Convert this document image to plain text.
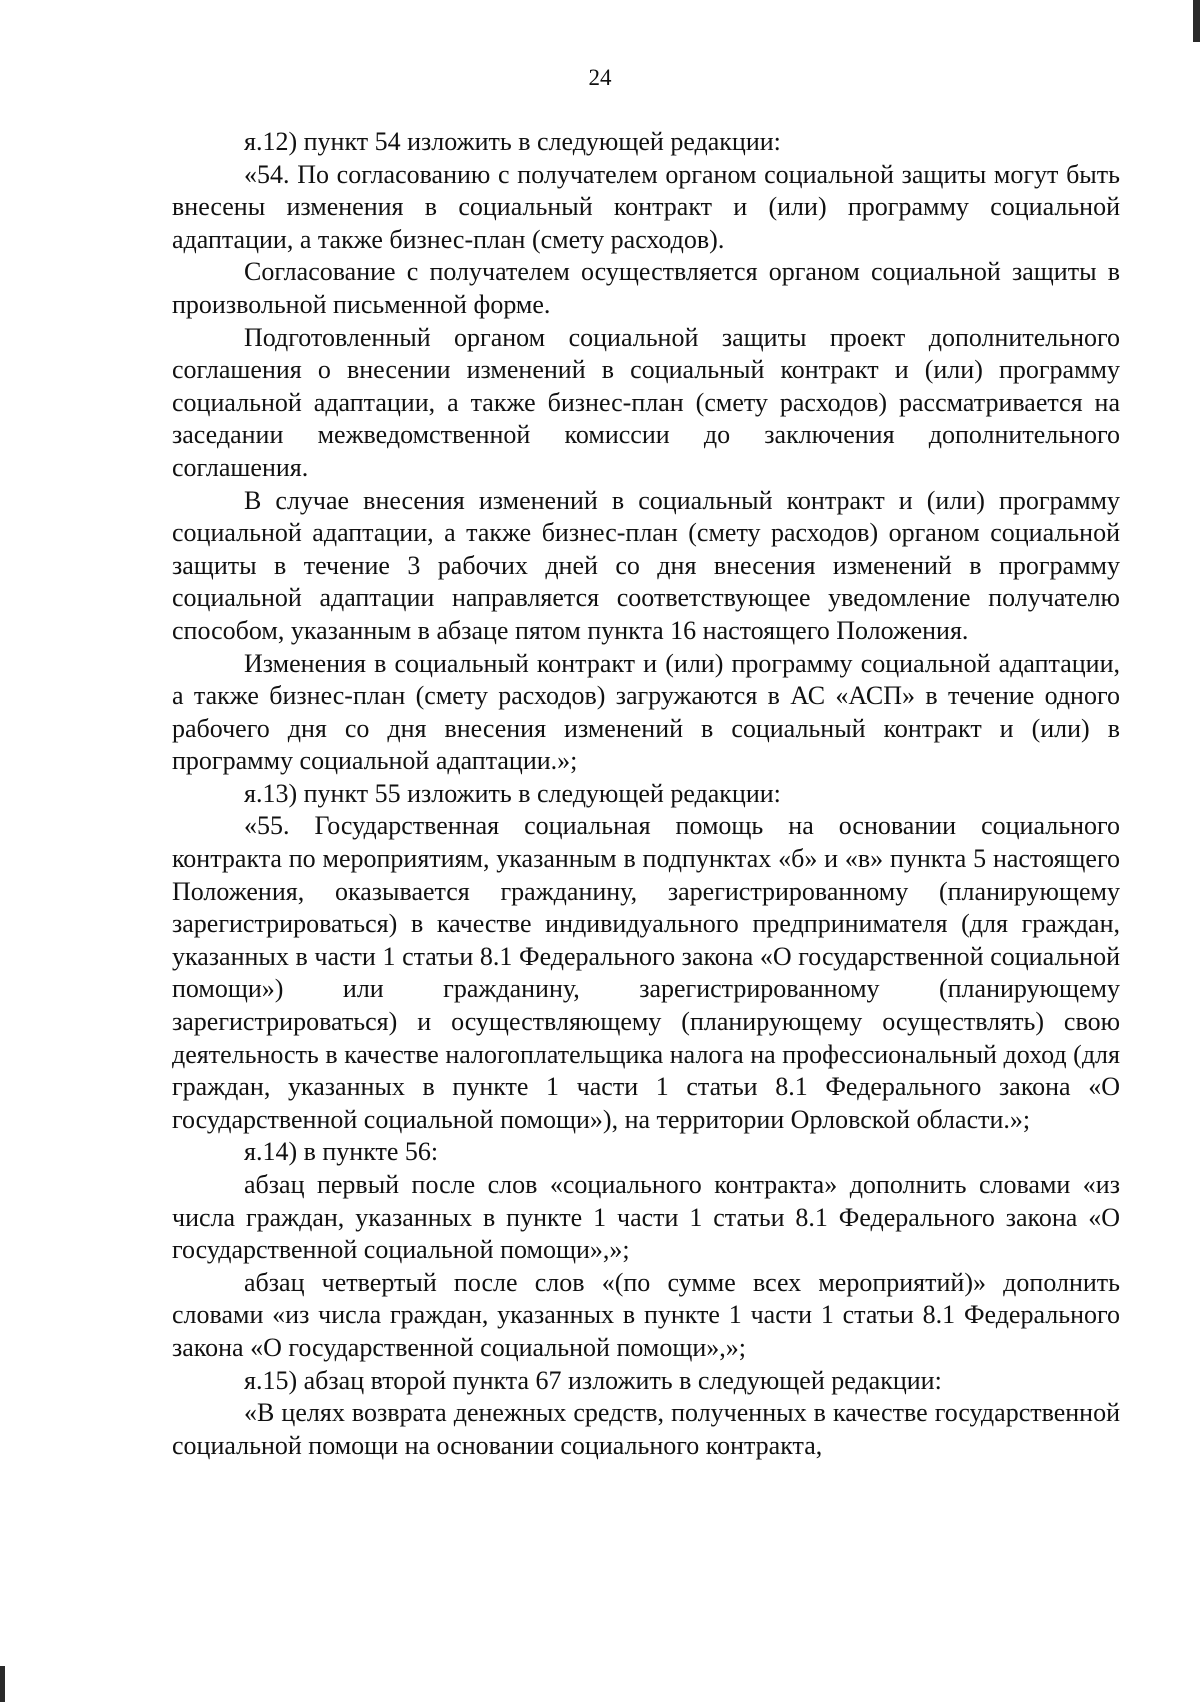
24

я.12) пункт 54 изложить в следующей редакции:

«54. По согласованию с получателем органом социальной защиты могут быть внесены изменения в социальный контракт и (или) программу социальной адаптации, а также бизнес-план (смету расходов).

Согласование с получателем осуществляется органом социальной защиты в произвольной письменной форме.

Подготовленный органом социальной защиты проект дополнительного соглашения о внесении изменений в социальный контракт и (или) программу социальной адаптации, а также бизнес-план (смету расходов) рассматривается на заседании межведомственной комиссии до заключения дополнительного соглашения.

В случае внесения изменений в социальный контракт и (или) программу социальной адаптации, а также бизнес-план (смету расходов) органом социальной защиты в течение 3 рабочих дней со дня внесения изменений в программу социальной адаптации направляется соответствующее уведомление получателю способом, указанным в абзаце пятом пункта 16 настоящего Положения.

Изменения в социальный контракт и (или) программу социальной адаптации, а также бизнес-план (смету расходов) загружаются в АС «АСП» в течение одного рабочего дня со дня внесения изменений в социальный контракт и (или) в программу социальной адаптации.»;

я.13) пункт 55 изложить в следующей редакции:

«55. Государственная социальная помощь на основании социального контракта по мероприятиям, указанным в подпунктах «б» и «в» пункта 5 настоящего Положения, оказывается гражданину, зарегистрированному (планирующему зарегистрироваться) в качестве индивидуального предпринимателя (для граждан, указанных в части 1 статьи 8.1 Федерального закона «О государственной социальной помощи») или гражданину, зарегистрированному (планирующему зарегистрироваться) и осуществляющему (планирующему осуществлять) свою деятельность в качестве налогоплательщика налога на профессиональный доход (для граждан, указанных в пункте 1 части 1 статьи 8.1 Федерального закона «О государственной социальной помощи»), на территории Орловской области.»;

я.14) в пункте 56:

абзац первый после слов «социального контракта» дополнить словами «из числа граждан, указанных в пункте 1 части 1 статьи 8.1 Федерального закона «О государственной социальной помощи»,»;

абзац четвертый после слов «(по сумме всех мероприятий)» дополнить словами «из числа граждан, указанных в пункте 1 части 1 статьи 8.1 Федерального закона «О государственной социальной помощи»,»;

я.15) абзац второй пункта 67 изложить в следующей редакции:

«В целях возврата денежных средств, полученных в качестве государственной социальной помощи на основании социального контракта,
